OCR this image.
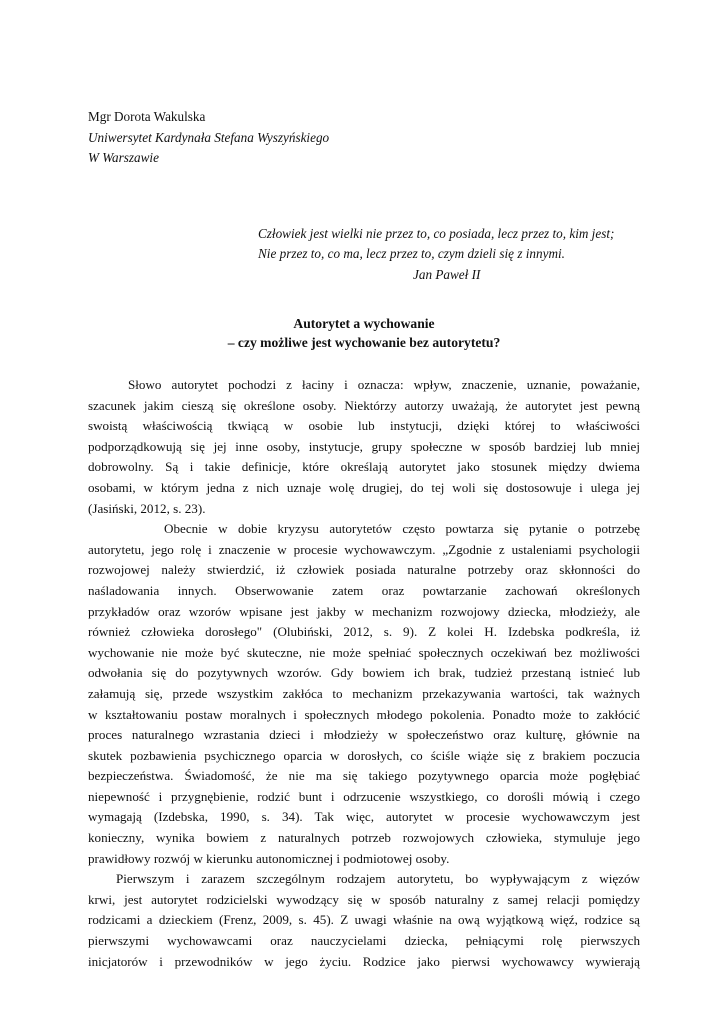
Mgr Dorota Wakulska
Uniwersytet Kardynała Stefana Wyszyńskiego
W Warszawie
Człowiek jest wielki nie przez to, co posiada, lecz przez to, kim jest;
Nie przez to, co ma, lecz przez to, czym dzieli się z innymi.
Jan Paweł II
Autorytet a wychowanie
– czy możliwe jest wychowanie bez autorytetu?

Słowo autorytet pochodzi z łaciny i oznacza: wpływ, znaczenie, uznanie, poważanie,

szacunek jakim cieszą się określone osoby. Niektórzy autorzy uważają, że autorytet jest pewną

swoistą właściwością tkwiącą w osobie lub instytucji, dzięki której to właściwości

podporządkowują się jej inne osoby, instytucje, grupy społeczne w sposób bardziej lub mniej

dobrowolny. Są i takie definicje, które określają autorytet jako stosunek między dwiema

osobami, w którym jedna z nich uznaje wolę drugiej, do tej woli się dostosowuje i ulega jej

(Jasiński, 2012, s. 23).

Obecnie w dobie kryzysu autorytetów często powtarza się pytanie o potrzebę

autorytetu, jego rolę i znaczenie w procesie wychowawczym. „Zgodnie z ustaleniami psychologii

rozwojowej należy stwierdzić, iż człowiek posiada naturalne potrzeby oraz skłonności do

naśladowania innych. Obserwowanie zatem oraz powtarzanie zachowań określonych

przykładów oraz wzorów wpisane jest jakby w mechanizm rozwojowy dziecka, młodzieży, ale

również człowieka dorosłego" (Olubiński, 2012, s. 9). Z kolei H. Izdebska podkreśla, iż

wychowanie nie może być skuteczne, nie może spełniać społecznych oczekiwań bez możliwości

odwołania się do pozytywnych wzorów. Gdy bowiem ich brak, tudzież przestaną istnieć lub

załamują się, przede wszystkim zakłóca to mechanizm przekazywania wartości, tak ważnych

w kształtowaniu postaw moralnych i społecznych młodego pokolenia. Ponadto może to zakłócić

proces naturalnego wzrastania dzieci i młodzieży w społeczeństwo oraz kulturę, głównie na

skutek pozbawienia psychicznego oparcia w dorosłych, co ściśle wiąże się z brakiem poczucia

bezpieczeństwa. Świadomość, że nie ma się takiego pozytywnego oparcia może pogłębiać

niepewność i przygnębienie, rodzić bunt i odrzucenie wszystkiego, co dorośli mówią i czego

wymagają (Izdebska, 1990, s. 34). Tak więc, autorytet w procesie wychowawczym jest

konieczny, wynika bowiem z naturalnych potrzeb rozwojowych człowieka, stymuluje jego

prawidłowy rozwój w kierunku autonomicznej i podmiotowej osoby.

Pierwszym i zarazem szczególnym rodzajem autorytetu, bo wypływającym z więzów

krwi, jest autorytet rodzicielski wywodzący się w sposób naturalny z samej relacji pomiędzy

rodzicami a dzieckiem (Frenz, 2009, s. 45). Z uwagi właśnie na ową wyjątkową więź, rodzice są

pierwszymi wychowawcami oraz nauczycielami dziecka, pełniącymi rolę pierwszych

inicjatorów i przewodników w jego życiu. Rodzice jako pierwsi wychowawcy wywierają
